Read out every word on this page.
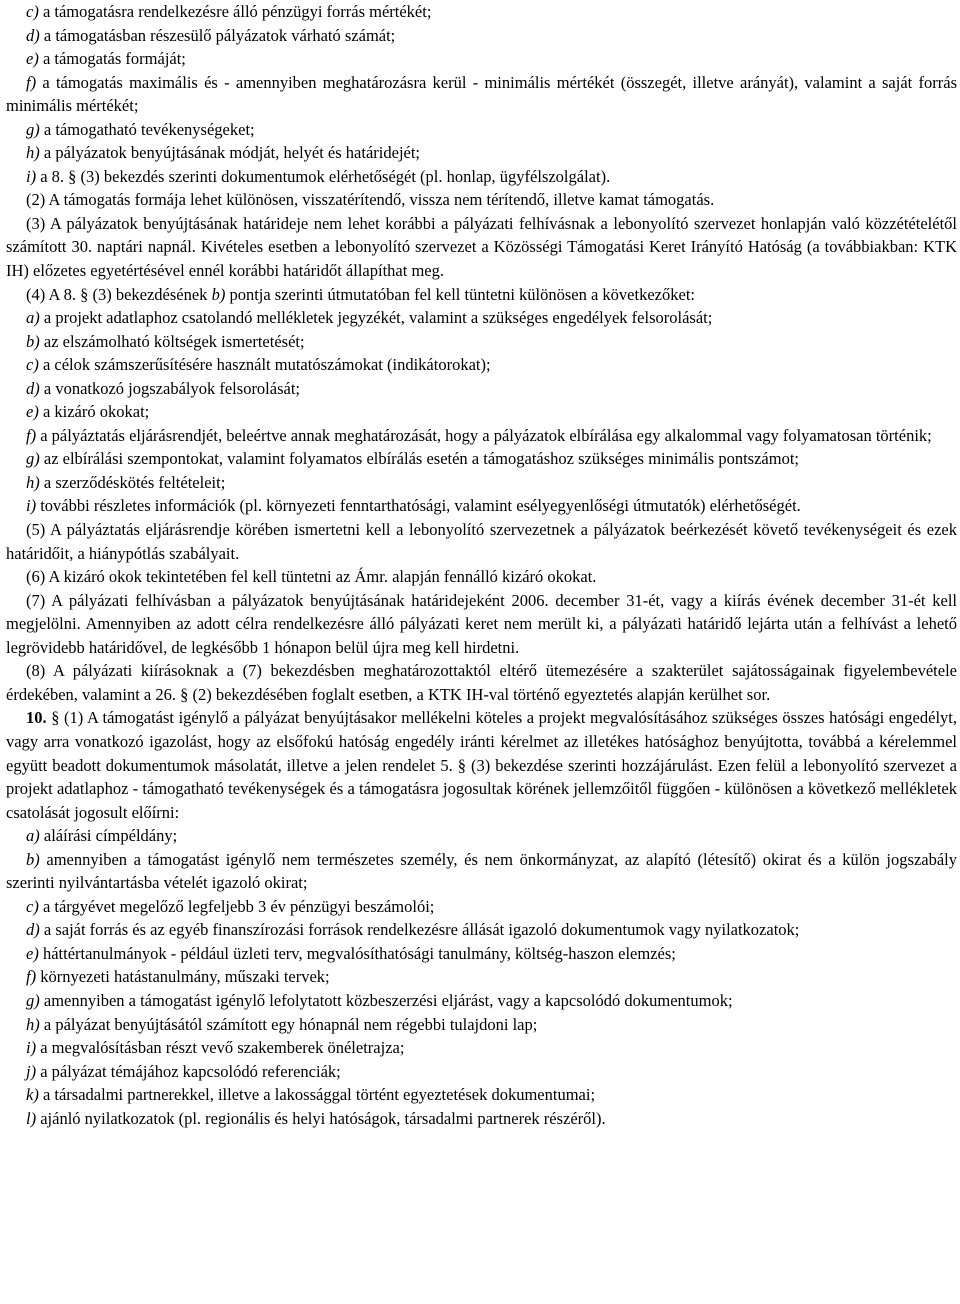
c) a támogatásra rendelkezésre álló pénzügyi forrás mértékét;

d) a támogatásban részesülő pályázatok várható számát;

e) a támogatás formáját;

f) a támogatás maximális és - amennyiben meghatározásra kerül - minimális mértékét (összegét, illetve arányát), valamint a saját forrás minimális mértékét;

g) a támogatható tevékenységeket;

h) a pályázatok benyújtásának módját, helyét és határidejét;

i) a 8. § (3) bekezdés szerinti dokumentumok elérhetőségét (pl. honlap, ügyfélszolgálat).

(2) A támogatás formája lehet különösen, visszatérítendő, vissza nem térítendő, illetve kamat támogatás.

(3) A pályázatok benyújtásának határideje nem lehet korábbi a pályázati felhívásnak a lebonyolító szervezet honlapján való közzétételétől számított 30. naptári napnál. Kivételes esetben a lebonyolító szervezet a Közösségi Támogatási Keret Irányító Hatóság (a továbbiakban: KTK IH) előzetes egyetértésével ennél korábbi határidőt állapíthat meg.

(4) A 8. § (3) bekezdésének b) pontja szerinti útmutatóban fel kell tüntetni különösen a következőket:

a) a projekt adatlaphoz csatolandó mellékletek jegyzékét, valamint a szükséges engedélyek felsorolását;

b) az elszámolható költségek ismertetését;

c) a célok számszerűsítésére használt mutatószámokat (indikátorokat);

d) a vonatkozó jogszabályok felsorolását;

e) a kizáró okokat;

f) a pályáztatás eljárásrendjét, beleértve annak meghatározását, hogy a pályázatok elbírálása egy alkalommal vagy folyamatosan történik;

g) az elbírálási szempontokat, valamint folyamatos elbírálás esetén a támogatáshoz szükséges minimális pontszámot;

h) a szerződéskötés feltételeit;

i) további részletes információk (pl. környezeti fenntarthatósági, valamint esélyegyenlőségi útmutatók) elérhetőségét.

(5) A pályáztatás eljárásrendje körében ismertetni kell a lebonyolító szervezetnek a pályázatok beérkezését követő tevékenységeit és ezek határidőit, a hiánypótlás szabályait.

(6) A kizáró okok tekintetében fel kell tüntetni az Ámr. alapján fennálló kizáró okokat.

(7) A pályázati felhívásban a pályázatok benyújtásának határidejeként 2006. december 31-ét, vagy a kiírás évének december 31-ét kell megjelölni. Amennyiben az adott célra rendelkezésre álló pályázati keret nem merült ki, a pályázati határidő lejárta után a felhívást a lehető legrövidebb határidővel, de legkésőbb 1 hónapon belül újra meg kell hirdetni.

(8) A pályázati kiírásoknak a (7) bekezdésben meghatározottaktól eltérő ütemezésére a szakterület sajátosságainak figyelembevétele érdekében, valamint a 26. § (2) bekezdésében foglalt esetben, a KTK IH-val történő egyeztetés alapján kerülhet sor.

10. § (1) A támogatást igénylő a pályázat benyújtásakor mellékelni köteles a projekt megvalósításához szükséges összes hatósági engedélyt, vagy arra vonatkozó igazolást, hogy az elsőfokú hatóság engedély iránti kérelmet az illetékes hatósághoz benyújtotta, továbbá a kérelemmel együtt beadott dokumentumok másolatát, illetve a jelen rendelet 5. § (3) bekezdése szerinti hozzájárulást. Ezen felül a lebonyolító szervezet a projekt adatlaphoz - támogatható tevékenységek és a támogatásra jogosultak körének jellemzőitől függően - különösen a következő mellékletek csatolását jogosult előírni:

a) aláírási címpéldány;

b) amennyiben a támogatást igénylő nem természetes személy, és nem önkormányzat, az alapító (létesítő) okirat és a külön jogszabály szerinti nyilvántartásba vételét igazoló okirat;

c) a tárgyévet megelőző legfeljebb 3 év pénzügyi beszámolói;

d) a saját forrás és az egyéb finanszírozási források rendelkezésre állását igazoló dokumentumok vagy nyilatkozatok;

e) háttértanulmányok - például üzleti terv, megvalósíthatósági tanulmány, költség-haszon elemzés;

f) környezeti hatástanulmány, műszaki tervek;

g) amennyiben a támogatást igénylő lefolytatott közbeszerzési eljárást, vagy a kapcsolódó dokumentumok;

h) a pályázat benyújtásától számított egy hónapnál nem régebbi tulajdoni lap;

i) a megvalósításban részt vevő szakemberek önéletrajza;

j) a pályázat témájához kapcsolódó referenciák;

k) a társadalmi partnerekkel, illetve a lakossággal történt egyeztetések dokumentumai;

l) ajánló nyilatkozatok (pl. regionális és helyi hatóságok, társadalmi partnerek részéről).
